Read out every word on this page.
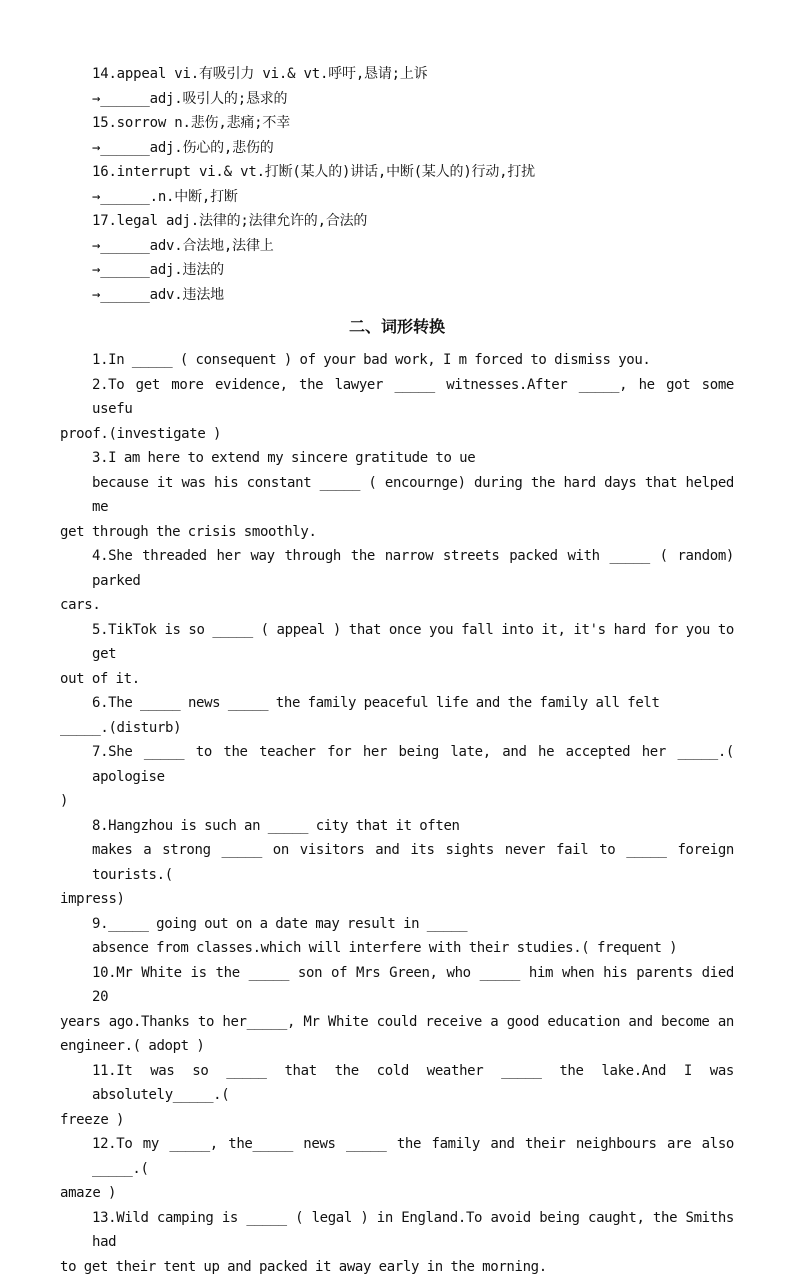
14.appeal vi.有吸引力 vi.& vt.呼吁,恳请;上诉
→______adj.吸引人的;恳求的
15.sorrow n.悲伤,悲痛;不幸
→______adj.伤心的,悲伤的
16.interrupt vi.& vt.打断(某人的)讲话,中断(某人的)行动,打扰
→______.n.中断,打断
17.legal adj.法律的;法律允许的,合法的
→______adv.合法地,法律上
→______adj.违法的
→______adv.违法地
二、词形转换
1.In _____ ( consequent ) of your bad work, I m forced to dismiss you.
2.To get more evidence, the lawyer _____ witnesses.After _____, he got some usefu
proof.(investigate )
3.I am here to extend my sincere gratitude to ue
because it was his constant _____ ( encournge) during the hard days that helped me
get through the crisis smoothly.
4.She threaded her way through the narrow streets packed with _____ ( random) parked
cars.
5.TikTok is so _____ ( appeal ) that once you fall into it, it's hard for you to get
out of it.
6.The _____ news _____ the family peaceful life and the family all felt
_____.(disturb)
7.She _____ to the teacher for her being late, and he accepted her _____.( apologise
)
8.Hangzhou is such an _____ city that it often
makes a strong _____ on visitors and its sights never fail to _____ foreign tourists.(
impress)
9._____ going out on a date may result in _____
absence from classes.which will interfere with their studies.( frequent )
10.Mr White is the _____ son of Mrs Green, who _____ him when his parents died 20
years ago.Thanks to her_____, Mr White could receive a good education and become an engineer.( adopt )
11.It was so _____ that the cold weather _____ the lake.And I was absolutely_____.(
freeze )
12.To my _____, the_____ news _____ the family and their neighbours are also _____.(
amaze )
13.Wild camping is _____ ( legal ) in England.To avoid being caught, the Smiths had
to get their tent up and packed it away early in the morning.
